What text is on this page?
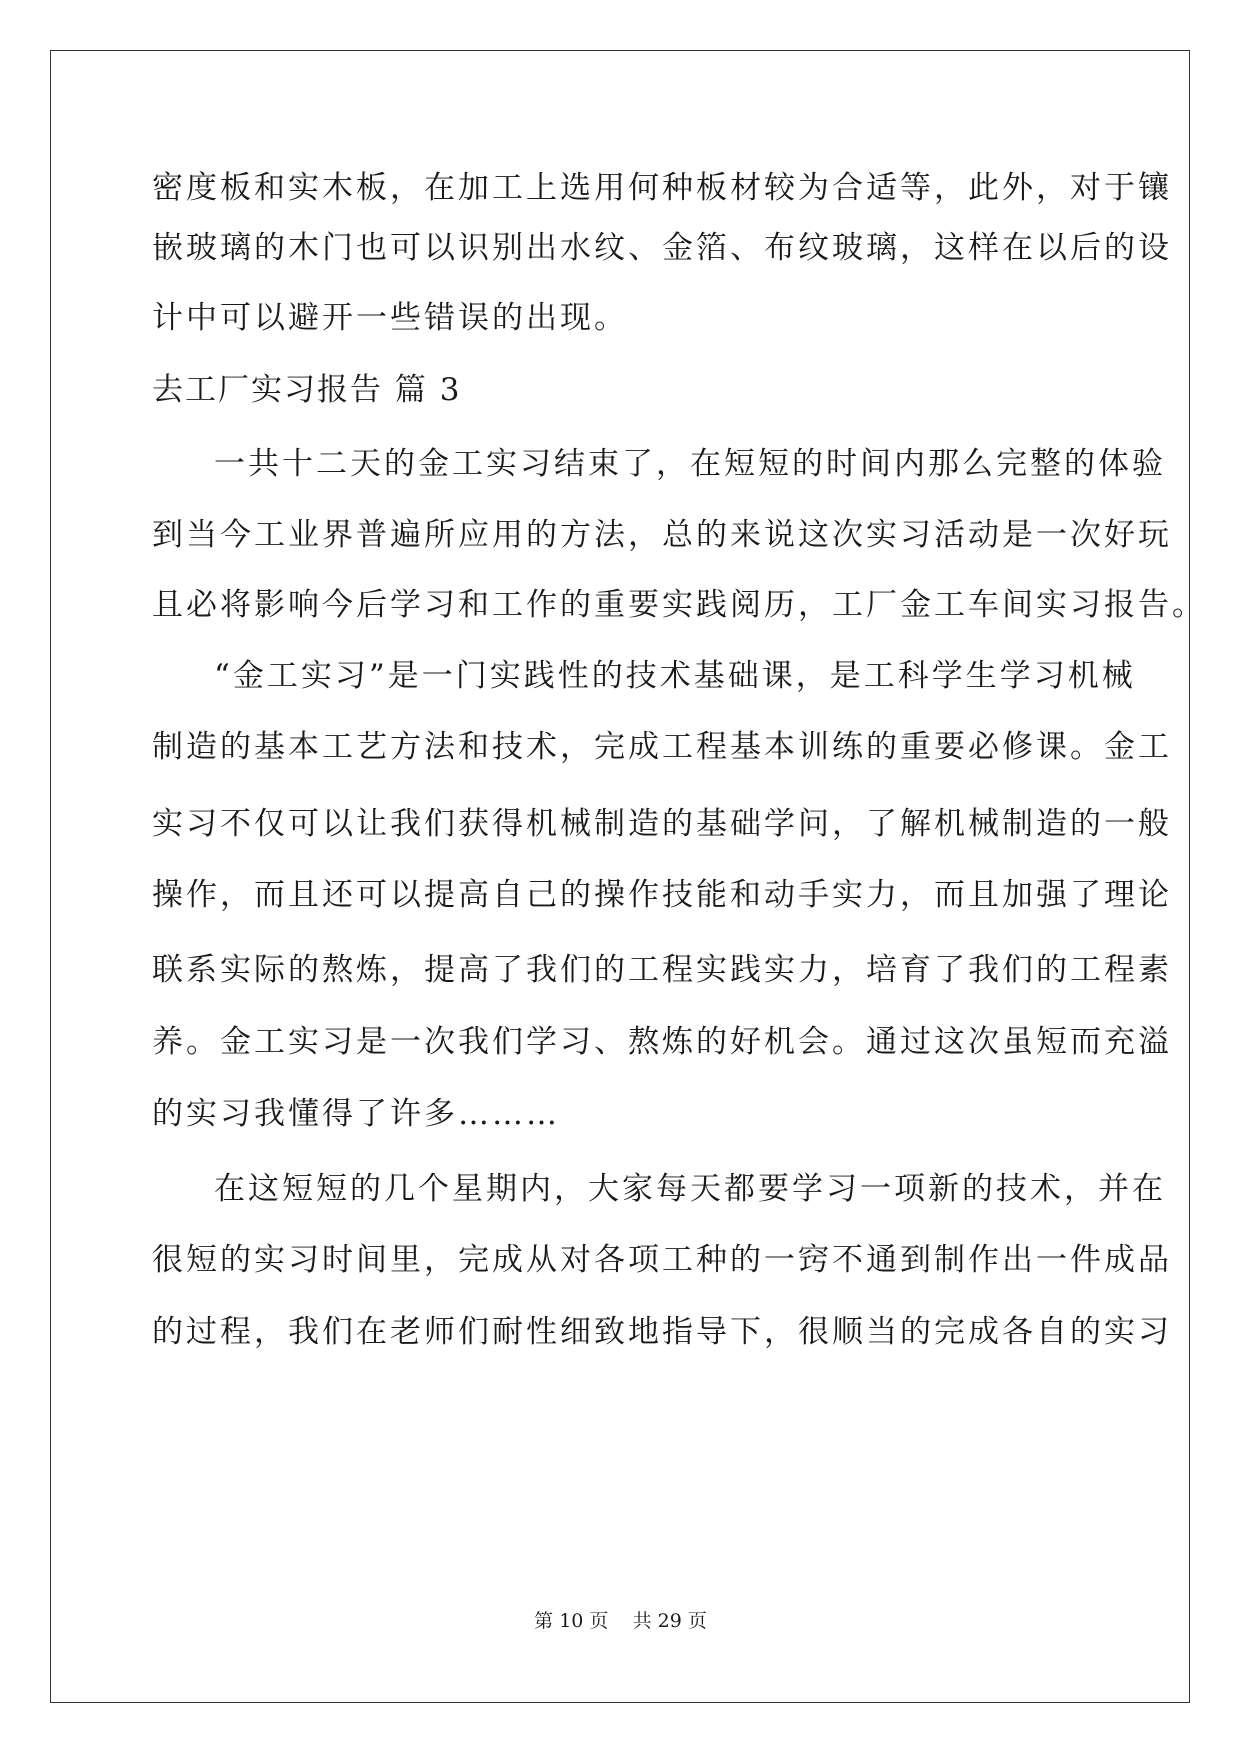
密度板和实木板，在加工上选用何种板材较为合适等，此外，对于镶
嵌玻璃的木门也可以识别出水纹、金箔、布纹玻璃，这样在以后的设
计中可以避开一些错误的出现。
去工厂实习报告 篇 3
一共十二天的金工实习结束了，在短短的时间内那么完整的体验
到当今工业界普遍所应用的方法，总的来说这次实习活动是一次好玩
且必将影响今后学习和工作的重要实践阅历，工厂金工车间实习报告。
“金工实习”是一门实践性的技术基础课，是工科学生学习机械
制造的基本工艺方法和技术，完成工程基本训练的重要必修课。金工
实习不仅可以让我们获得机械制造的基础学问，了解机械制造的一般
操作，而且还可以提高自己的操作技能和动手实力，而且加强了理论
联系实际的熬炼，提高了我们的工程实践实力，培育了我们的工程素
养。金工实习是一次我们学习、熬炼的好机会。通过这次虽短而充溢
的实习我懂得了许多………
在这短短的几个星期内，大家每天都要学习一项新的技术，并在
很短的实习时间里，完成从对各项工种的一窍不通到制作出一件成品
的过程，我们在老师们耐性细致地指导下，很顺当的完成各自的实习
第 10 页    共 29 页
